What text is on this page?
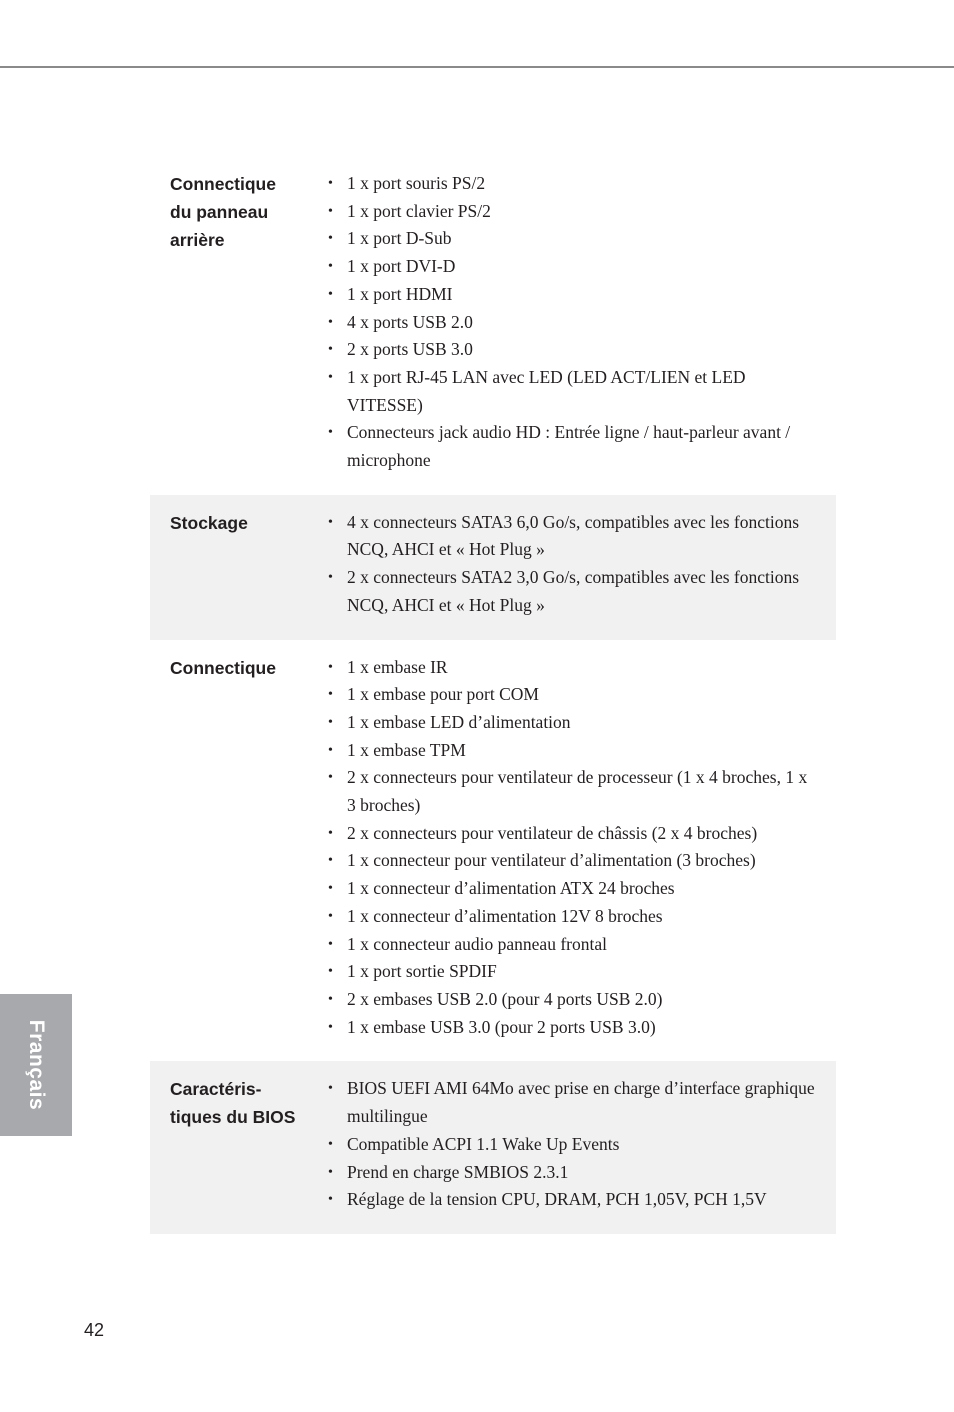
Connectique
du panneau
arrière
• 1 x port souris PS/2
• 1 x port clavier PS/2
• 1 x port D-Sub
• 1 x port DVI-D
• 1 x port HDMI
• 4 x ports USB 2.0
• 2 x ports USB 3.0
• 1 x port RJ-45 LAN avec LED (LED ACT/LIEN et LED VITESSE)
• Connecteurs jack audio HD : Entrée ligne / haut-parleur avant / microphone
Stockage	• 4 x connecteurs SATA3 6,0 Go/s, compatibles avec les fonctions NCQ, AHCI et « Hot Plug »
• 2 x connecteurs SATA2 3,0 Go/s, compatibles avec les fonctions NCQ, AHCI et « Hot Plug »
Connectique	• 1 x embase IR
• 1 x embase pour port COM
• 1 x embase LED d’alimentation
• 1 x embase TPM
• 2 x connecteurs pour ventilateur de processeur (1 x 4 broches, 1 x 3 broches)
• 2 x connecteurs pour ventilateur de châssis (2 x 4 broches)
• 1 x connecteur pour ventilateur d’alimentation (3 broches)
• 1 x connecteur d’alimentation ATX 24 broches
• 1 x connecteur d’alimentation 12V 8 broches
• 1 x connecteur audio panneau frontal
• 1 x port sortie SPDIF
• 2 x embases USB 2.0 (pour 4 ports USB 2.0)
• 1 x embase USB 3.0 (pour 2 ports USB 3.0)
Caractéris-
tiques du BIOS
• BIOS UEFI AMI 64Mo avec prise en charge d’interface graphique multilingue
• Compatible ACPI 1.1 Wake Up Events
• Prend en charge SMBIOS 2.3.1
• Réglage de la tension CPU, DRAM, PCH 1,05V, PCH 1,5V
Français
42
